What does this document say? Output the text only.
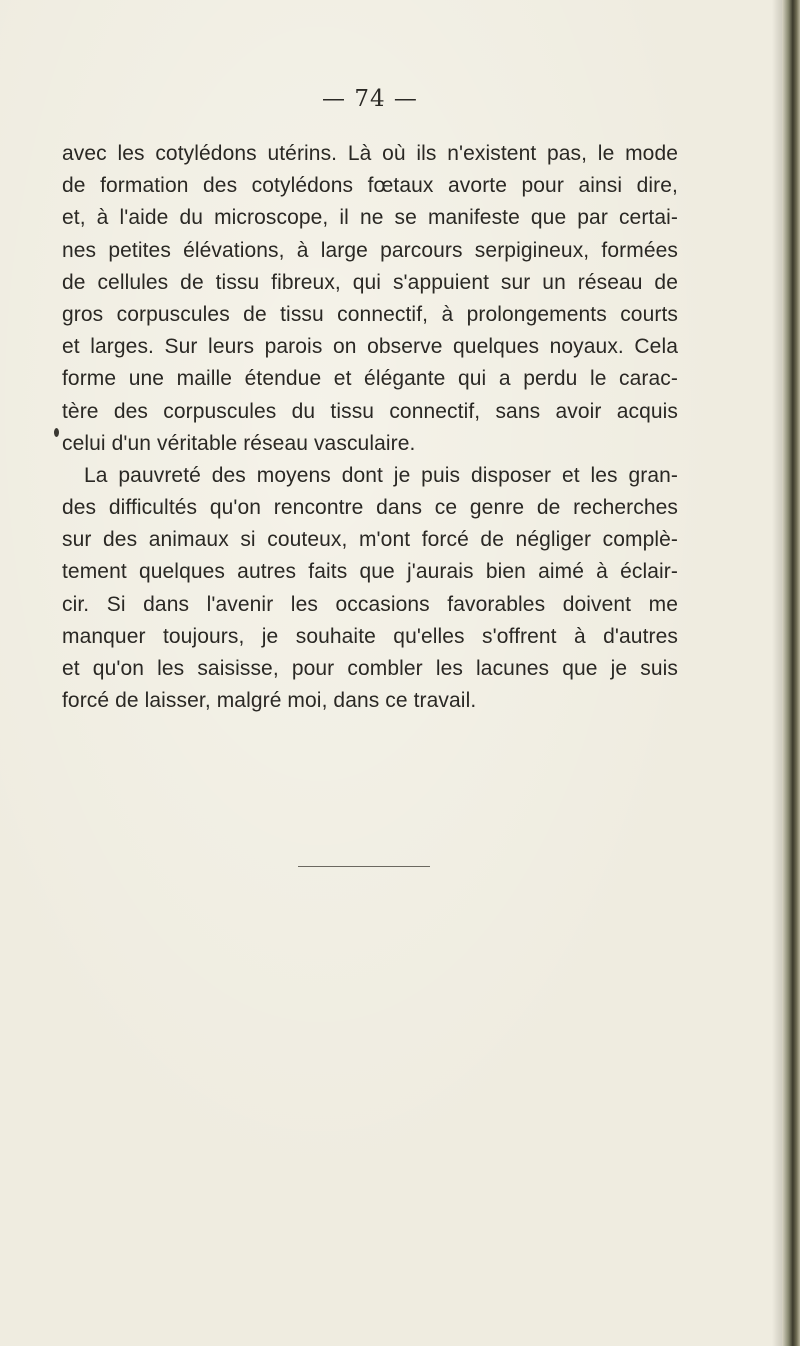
— 74 —
avec les cotylédons utérins. Là où ils n'existent pas, le mode
de formation des cotylédons fœtaux avorte pour ainsi dire,
et, à l'aide du microscope, il ne se manifeste que par certai-
nes petites élévations, à large parcours serpigineux, formées
de cellules de tissu fibreux, qui s'appuient sur un réseau de
gros corpuscules de tissu connectif, à prolongements courts
et larges. Sur leurs parois on observe quelques noyaux. Cela
forme une maille étendue et élégante qui a perdu le carac-
tère des corpuscules du tissu connectif, sans avoir acquis
celui d'un véritable réseau vasculaire.
La pauvreté des moyens dont je puis disposer et les gran-
des difficultés qu'on rencontre dans ce genre de recherches
sur des animaux si couteux, m'ont forcé de négliger complè-
tement quelques autres faits que j'aurais bien aimé à éclair-
cir. Si dans l'avenir les occasions favorables doivent me
manquer toujours, je souhaite qu'elles s'offrent à d'autres
et qu'on les saisisse, pour combler les lacunes que je suis
forcé de laisser, malgré moi, dans ce travail.
